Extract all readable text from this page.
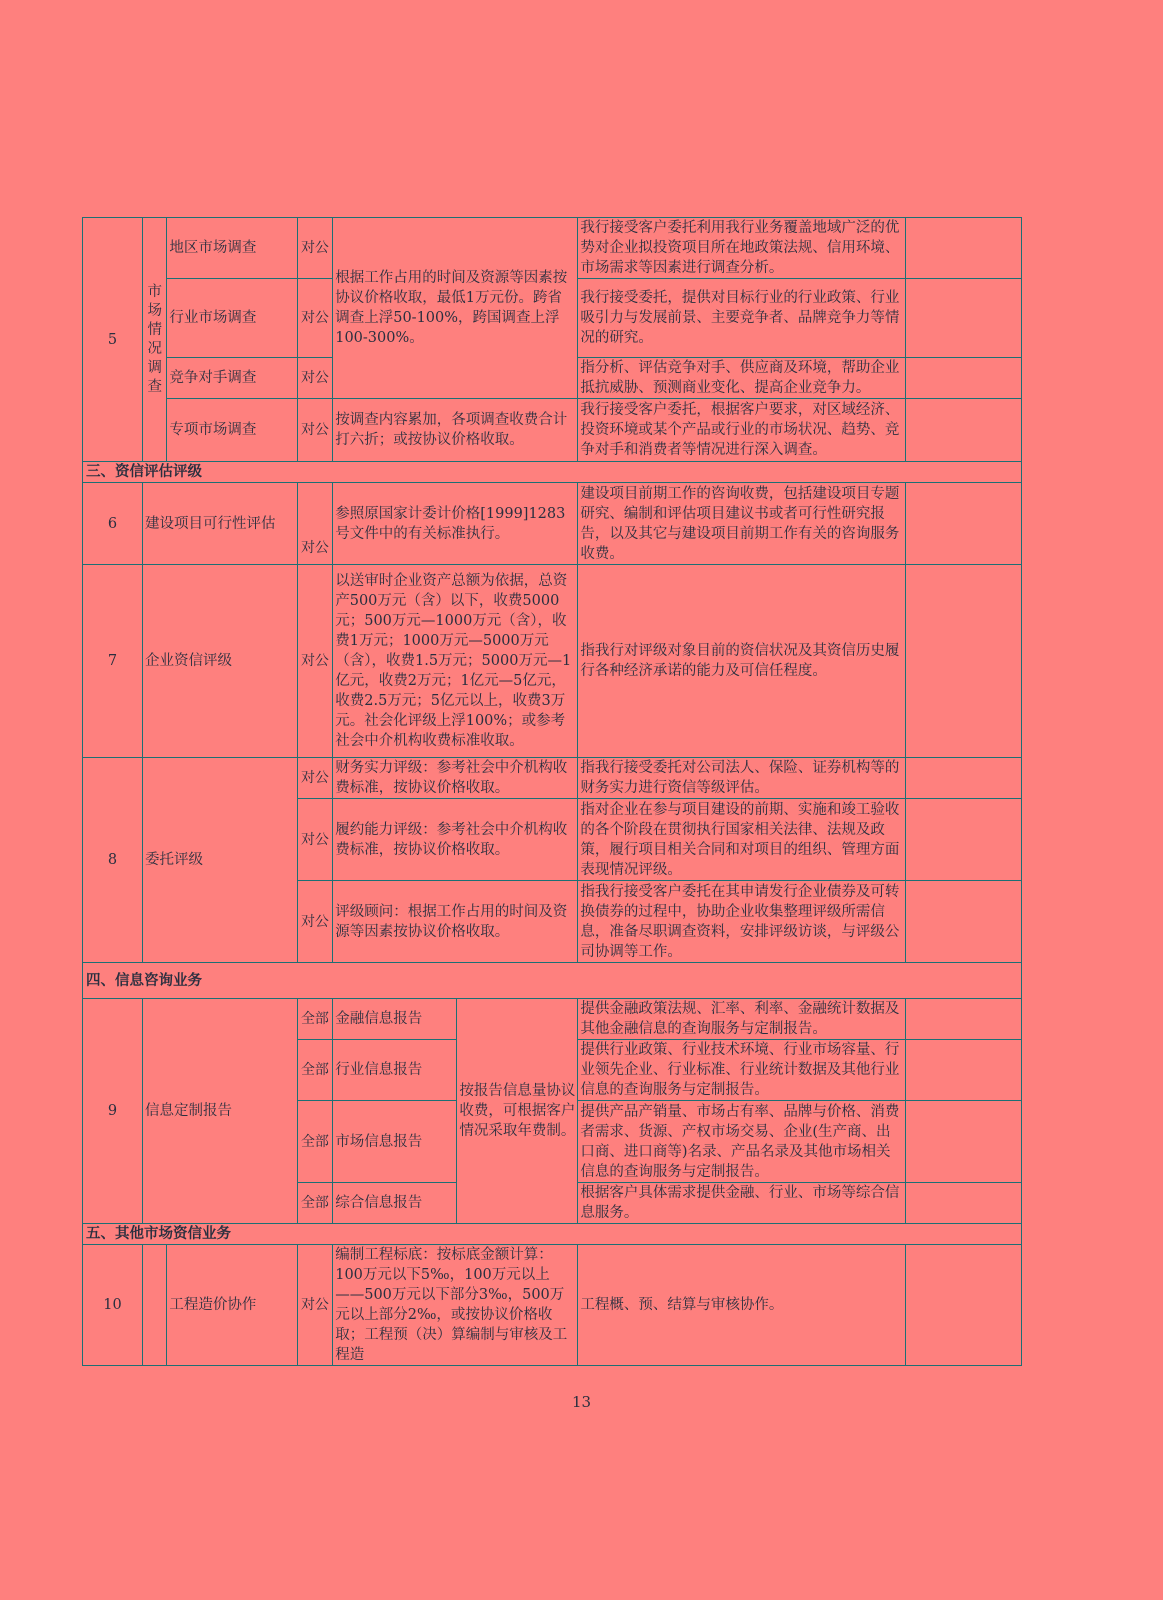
5	市场情况调查	地区市场调查	对公	根据工作占用的时间及资源等因素按协议价格收取，最低1万元份。跨省调查上浮50-100%，跨国调查上浮100-300%。		我行接受客户委托利用我行业务覆盖地域广泛的优势对企业拟投资项目所在地政策法规、信用环境、市场需求等因素进行调查分析。	
		行业市场调查	对公			我行接受委托，提供对目标行业的行业政策、行业吸引力与发展前景、主要竞争者、品牌竞争力等情况的研究。	
		竞争对手调查	对公			指分析、评估竞争对手、供应商及环境，帮助企业抵抗威胁、预测商业变化、提高企业竞争力。	
		专项市场调查	对公	按调查内容累加，各项调查收费合计打六折；或按协议价格收取。		我行接受客户委托，根据客户要求，对区域经济、投资环境或某个产品或行业的市场状况、趋势、竞争对手和消费者等情况进行深入调查。	
三、资信评估评级							
6	建设项目可行性评估		对公	参照原国家计委计价格[1999]1283号文件中的有关标准执行。		建设项目前期工作的咨询收费，包括建设项目专题研究、编制和评估项目建议书或者可行性研究报告，以及其它与建设项目前期工作有关的咨询服务收费。	
7	企业资信评级		对公	以送审时企业资产总额为依据，总资产500万元（含）以下，收费5000元；500万元—1000万元（含），收费1万元；1000万元—5000万元（含），收费1.5万元；5000万元—1亿元，收费2万元；1亿元—5亿元，收费2.5万元；5亿元以上，收费3万元。社会化评级上浮100%；或参考社会中介机构收费标准收取。		指我行对评级对象目前的资信状况及其资信历史履行各种经济承诺的能力及可信任程度。	
8	委托评级		对公	财务实力评级：参考社会中介机构收费标准，按协议价格收取。		指我行接受委托对公司法人、保险、证券机构等的财务实力进行资信等级评估。	
			对公	履约能力评级：参考社会中介机构收费标准，按协议价格收取。		指对企业在参与项目建设的前期、实施和竣工验收的各个阶段在贯彻执行国家相关法律、法规及政策，履行项目相关合同和对项目的组织、管理方面表现情况评级。	
			对公	评级顾问：根据工作占用的时间及资源等因素按协议价格收取。		指我行接受客户委托在其申请发行企业债券及可转换债券的过程中，协助企业收集整理评级所需信息，准备尽职调查资料，安排评级访谈，与评级公司协调等工作。	
四、信息咨询业务							
9	信息定制报告		全部	金融信息报告	按报告信息量协议收费，可根据客户情况采取年费制。	提供金融政策法规、汇率、利率、金融统计数据及其他金融信息的查询服务与定制报告。	
			全部	行业信息报告		提供行业政策、行业技术环境、行业市场容量、行业领先企业、行业标准、行业统计数据及其他行业信息的查询服务与定制报告。	
			全部	市场信息报告		提供产品产销量、市场占有率、品牌与价格、消费者需求、货源、产权市场交易、企业(生产商、出口商、进口商等)名录、产品名录及其他市场相关信息的查询服务与定制报告。	
			全部	综合信息报告		根据客户具体需求提供金融、行业、市场等综合信息服务。	
五、其他市场资信业务							
10		工程造价协作	对公	编制工程标底：按标底金额计算：100万元以下5‰，100万元以上——500万元以下部分3‰，500万元以上部分2‰，或按协议价格收取；工程预（决）算编制与审核及工程造		工程概、预、结算与审核协作。	
13
